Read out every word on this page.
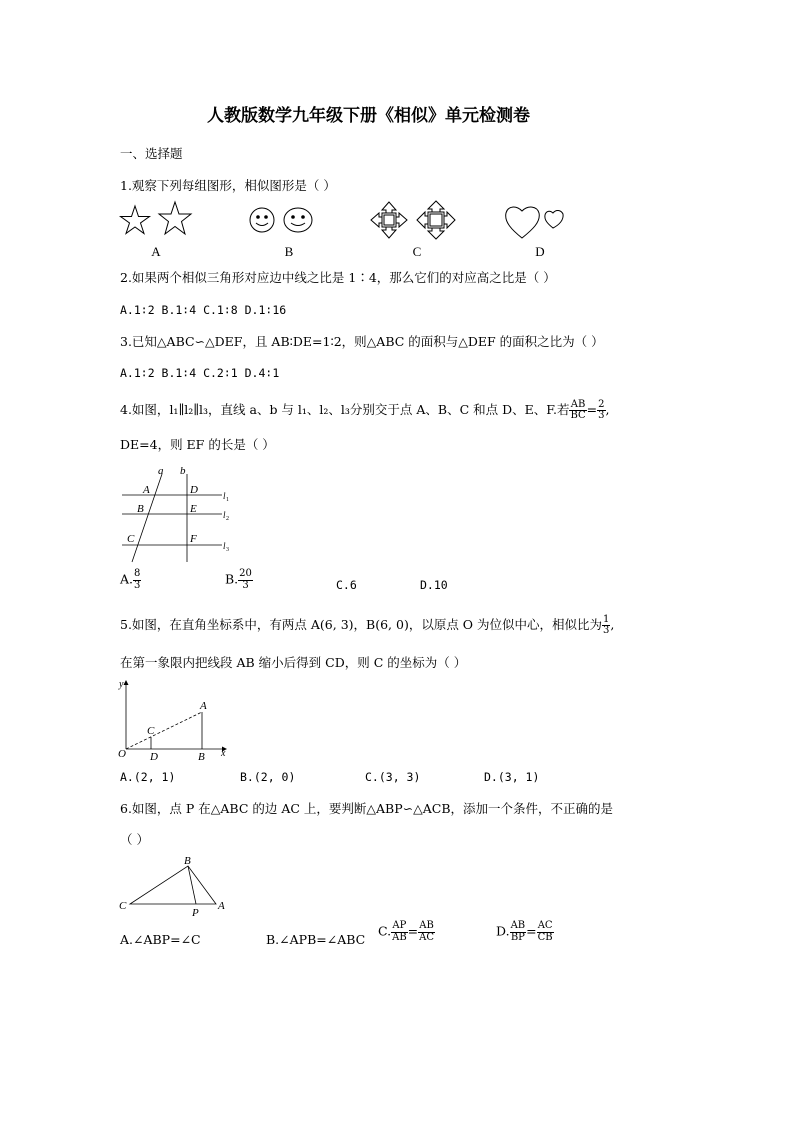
人教版数学九年级下册《相似》单元检测卷
一、选择题
1.观察下列每组图形，相似图形是（ ）
A	B	C	D
2.如果两个相似三角形对应边中线之比是 1∶4，那么它们的对应高之比是（ ）
A.1∶2 B.1∶4 C.1∶8 D.1∶16
3.已知△ABC∽△DEF，且 AB∶DE=1∶2，则△ABC 的面积与△DEF 的面积之比为（ ）
A.1∶2 B.1∶4 C.2∶1 D.4∶1
4.如图，l₁∥l₂∥l₃，直线 a、b 与 l₁、l₂、l₃分别交于点 A、B、C 和点 D、E、F.若 $\frac{AB}{BC} = \frac{2}{3}$ ,
DE=4，则 EF 的长是（ ）
a b
A
B
C
D
E
F
l 1
l 2
l 3
A. $\frac{8}{3}$	B. $\frac{20}{3}$	C.6	D.10
5.如图，在直角坐标系中，有两点 A(6, 3)，B(6, 0)，以原点 O 为位似中心，相似比为 $\frac{1}{3}$ ,
在第一象限内把线段 AB 缩小后得到 CD，则 C 的坐标为（ ）
y
x
O
A
B
C
D
A.(2, 1)	B.(2, 0)	C.(3, 3)	D.(3, 1)
6.如图，点 P 在△ABC 的边 AC 上，要判断△ABP∽△ACB，添加一个条件，不正确的是
（ ）
B
C	A
P
A.∠ABP=∠C	B.∠APB=∠ABC
C. $\frac{AP}{AB} = \frac{AB}{AC}$	D. $\frac{AB}{BP} = \frac{AC}{CB}$
